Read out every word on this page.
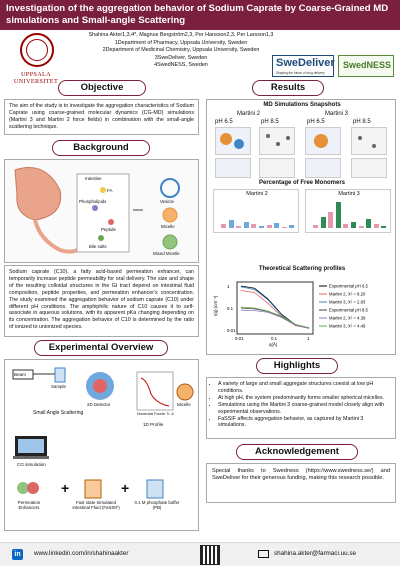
Investigation of the aggregation behavior of Sodium Caprate by Coarse-Grained MD simulations and Small-angle Scattering
UPPSALA UNIVERSITET
Shahina Akter1,3,4*, Magnus Bergström2,3, Per Hansson2,3, Per Larsson1,3
1Department of Pharmacy, Uppsala University, Sweden
2Department of Medicinal Chemistry, Uppsala University, Sweden
3SweDeliver, Sweden
4SwedNESS, Sweden	SweDeliver
Shaping the future of drug delivery
SwedNESS
Objective
The aim of the study is to investigate the aggregation characteristics of Sodium Caprate using coarse-grained molecular dynamics (CG-MD) simulations (Martini 3 and Martini 2 force fields) in combination with the small-angle scattering technique.
Background
Intestine
FA
Phospholipids
Peptide
Bile salts
Vesicle
Micelle
Mixed Micelle
Sodium caprate (C10), a fatty acid-based permeation enhancer, can temporarily increase peptide permeability for oral delivery. The size and shape of the resulting colloidal structures in the GI tract depend on intestinal fluid composition, peptide properties, and permeation enhancer's concentration. The study examined the aggregation behavior of sodium caprate (C10) under different pH conditions. The amphiphilic nature of C10 causes it to self-associate in aqueous solutions, with its apparent pKa changing depending on its concentration. The aggregation behavior of C10 is determined by the ratio of ionized to unionized species.
Experimental Overview
+	+
Beam
Sample
2D Detector
Small Angle Scattering	Numerical Fourier Tr. &
1D Profile
Micelle
CG simulation
Permeation Enhancers
Fast state Simulated Intestinal Fluid (FaSSIF)
0.1 M phosphate buffer (PB)
Results
MD Simulations Snapshots
Martini 2	Martini 3
pH 6.5	pH 8.5	pH 6.5	pH 8.5
Percentage of Free Monomers
Martini 2	Martini 3
Theoretical Scattering profiles
Experimental pH 6.5
Martini 2, X² = 8.20
Martini 3, X² = 2.83
Experimental pH 8.5
Martini 2, X² = 4.39
Martini 3, X² = 4.49
1
0.1
0.01
0.01	0.1	1
I(q) (cm⁻¹)
q(Å)
Highlights
• A variety of large and small aggregate structures coexist at low pH conditions.
• At high pH, the system predominantly forms smaller spherical micelles.
• Simulations using the Martini 3 coarse-grained model closely align with experimental observations.
• FaSSIF affects aggregation behavior, as captured by Martini 3 simulations.
Acknowledgement
Special thanks to Swedness (https://www.swedness.se/) and SweDeliver for their generous funding, making this research possible.
in	www.linkedin.com/in/shahinaakter	shahina.akter@farmaci.uu.se
